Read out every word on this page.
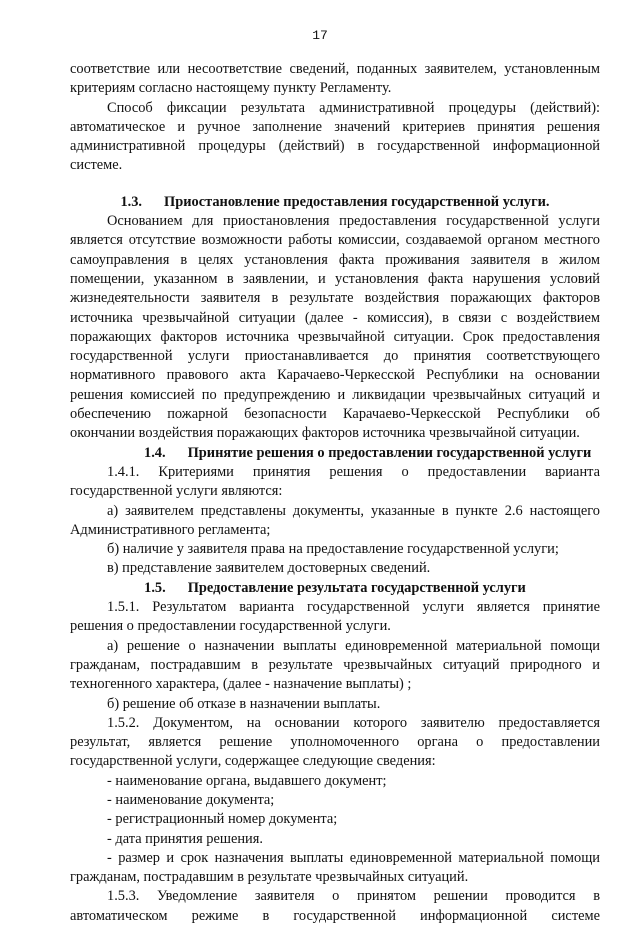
17

соответствие или несоответствие сведений, поданных заявителем, установленным критериям согласно настоящему пункту Регламенту.

Способ фиксации результата административной процедуры (действий): автоматическое и ручное заполнение значений критериев принятия решения административной процедуры (действий) в государственной информационной системе.

1.3. Приостановление предоставления государственной услуги.

Основанием для приостановления предоставления государственной услуги является отсутствие возможности работы комиссии, создаваемой органом местного самоуправления в целях установления факта проживания заявителя в жилом помещении, указанном в заявлении, и установления факта нарушения условий жизнедеятельности заявителя в результате воздействия поражающих факторов источника чрезвычайной ситуации (далее - комиссия), в связи с воздействием поражающих факторов источника чрезвычайной ситуации. Срок предоставления государственной услуги приостанавливается до принятия соответствующего нормативного правового акта Карачаево-Черкесской Республики на основании решения комиссией по предупреждению и ликвидации чрезвычайных ситуаций и обеспечению пожарной безопасности Карачаево-Черкесской Республики об окончании воздействия поражающих факторов источника чрезвычайной ситуации.

1.4. Принятие решения о предоставлении государственной услуги

1.4.1. Критериями принятия решения о предоставлении варианта государственной услуги являются:

а) заявителем представлены документы, указанные в пункте 2.6 настоящего Административного регламента;

б) наличие у заявителя права на предоставление государственной услуги;

в) представление заявителем достоверных сведений.

1.5. Предоставление результата государственной услуги

1.5.1. Результатом варианта государственной услуги является принятие решения о предоставлении государственной услуги.

а) решение о назначении выплаты единовременной материальной помощи гражданам, пострадавшим в результате чрезвычайных ситуаций природного и техногенного характера, (далее - назначение выплаты) ;

б) решение об отказе в назначении выплаты.

1.5.2. Документом, на основании которого заявителю предоставляется результат, является решение уполномоченного органа о предоставлении государственной услуги, содержащее следующие сведения:

- наименование органа, выдавшего документ;

- наименование документа;

- регистрационный номер документа;

- дата принятия решения.

- размер и срок назначения выплаты единовременной материальной помощи гражданам, пострадавшим в результате чрезвычайных ситуаций.

1.5.3. Уведомление заявителя о принятом решении проводится в автоматическом режиме в государственной информационной системе
